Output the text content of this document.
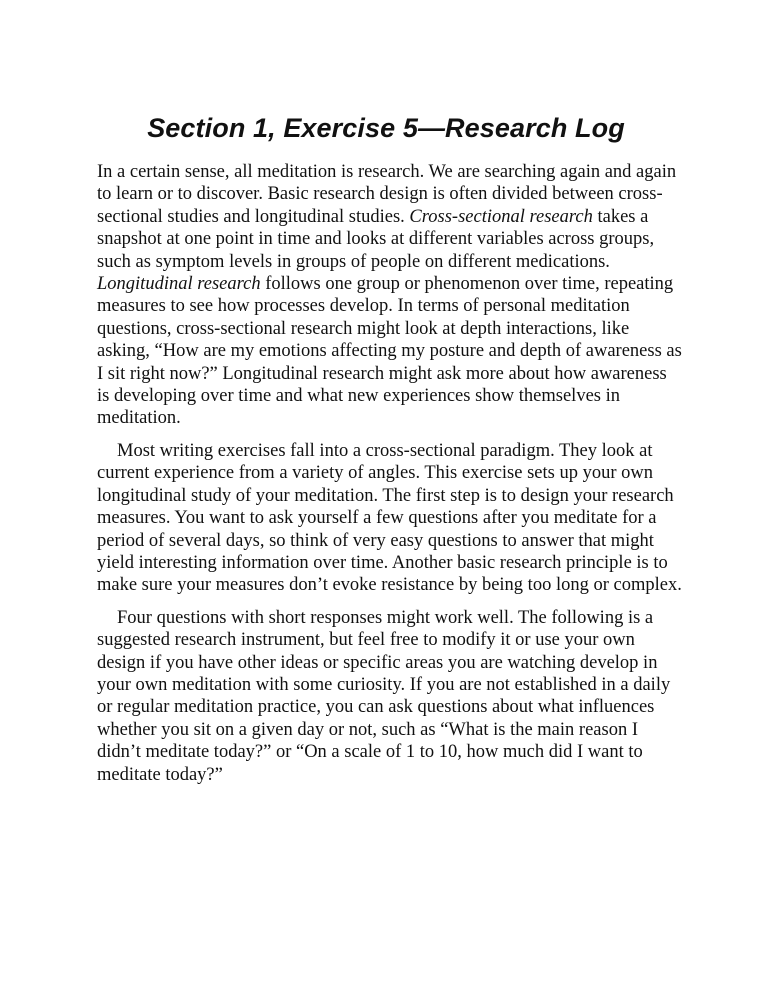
Section 1, Exercise 5—Research Log

In a certain sense, all meditation is research. We are searching again and again to learn or to discover. Basic research design is often divided between cross-sectional studies and longitudinal studies. Cross-sectional research takes a snapshot at one point in time and looks at different variables across groups, such as symptom levels in groups of people on different medications. Longitudinal research follows one group or phenomenon over time, repeating measures to see how processes develop. In terms of personal meditation questions, cross-sectional research might look at depth interactions, like asking, “How are my emotions affecting my posture and depth of awareness as I sit right now?” Longitudinal research might ask more about how awareness is developing over time and what new experiences show themselves in meditation.

Most writing exercises fall into a cross-sectional paradigm. They look at current experience from a variety of angles. This exercise sets up your own longitudinal study of your meditation. The first step is to design your research measures. You want to ask yourself a few questions after you meditate for a period of several days, so think of very easy questions to answer that might yield interesting information over time. Another basic research principle is to make sure your measures don’t evoke resistance by being too long or complex.

Four questions with short responses might work well. The following is a suggested research instrument, but feel free to modify it or use your own design if you have other ideas or specific areas you are watching develop in your own meditation with some curiosity. If you are not established in a daily or regular meditation practice, you can ask questions about what influences whether you sit on a given day or not, such as “What is the main reason I didn’t meditate today?” or “On a scale of 1 to 10, how much did I want to meditate today?”
